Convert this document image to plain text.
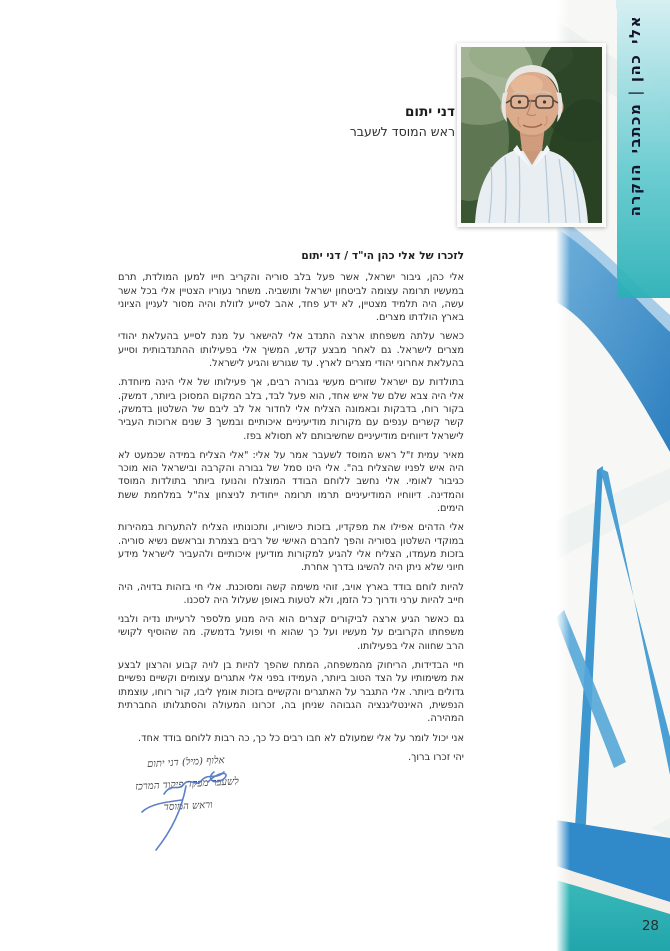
אלי כהן|מכתבי הוקרה
דני יתום
ראש המוסד לשעבר
לזכרו של אלי כהן הי"ד / דני יתום

אלי כהן, גיבור ישראל, אשר פעל בלב סוריה והקריב חייו למען המולדת, תרם במעשיו תרומה עצומה לביטחון ישראל ותושביה. משחר נעוריו הצטיין אלי בכל אשר עשה, היה תלמיד מצטיין, לא ידע פחד, אהב לסייע לזולת והיה מסור לעניין הציוני בארץ הולדתו מצרים.

כאשר עלתה משפחתו ארצה התנדב אלי להישאר על מנת לסייע בהעלאת יהודי מצרים לישראל. גם לאחר מבצע קדש, המשיך אלי בפעילותו ההתנדבותית וסייע בהעלאת אחרוני יהודי מצרים לארץ. עד שגורש והגיע לישראל.

בתולדות עם ישראל שזורים מעשי גבורה רבים, אך פעילותו של אלי הינה מיוחדת. אלי היה צבא שלם של איש אחד, הוא פעל לבד, בלב המקום המסוכן ביותר, דמשק. בקור רוח, בדבקות ובאמונה הצליח אלי לחדור אל לב ליבם של השלטון בדמשק, קשר קשרים ענפים עם מקורות מודיעיניים איכותיים ובמשך 3 שנים ארוכות העביר לישראל דיווחים מודיעיניים שחשיבותם לא תסולא בפז.

מאיר עמית ז"ל ראש המוסד לשעבר אמר על אלי: "אלי הצליח במידה שכמעט לא היה איש לפניו שהצליח בה". אלי הינו סמל של גבורה והקרבה ובישראל הוא מוכר כגיבור לאומי. אלי נחשב ללוחם הבודד המוצלח והנועז ביותר בתולדות המוסד והמדינה. דיווחיו המודיעיניים תרמו תרומה ייחודית לניצחון צה"ל במלחמת ששת הימים.

אלי הדהים אפילו את מפקדיו, בזכות כישוריו, ותכונותיו הצליח להתערות במהירות במוקדי השלטון בסוריה והפך לחברם האישי של רבים בצמרת ובראשם נשיא סוריה. בזכות מעמדו, הצליח אלי להגיע למקורות מודיעין איכותיים ולהעביר לישראל מידע חיוני שלא ניתן היה להשיגו בדרך אחרת.

להיות לוחם בודד בארץ אויב, זוהי משימה קשה ומסוכנת. אלי חי בזהות בדויה, היה חייב להיות ערני ודרוך כל הזמן, ולא לטעות באופן שעלול היה לסכנו.

גם כאשר הגיע ארצה לביקורים קצרים הוא היה מנוע מלספר לרעייתו נדיה ולבני משפחתו הקרובים על מעשיו ועל כך שהוא חי ופועל בדמשק. מה שהוסיף לקושי הרב שחווה אלי בפעילותו.

חיי הבדידות, הריחוק מהמשפחה, המתח שהפך להיות בן לויה קבוע והרצון לבצע את משימותיו על הצד הטוב ביותר, העמידו בפני אלי אתגרים עצומים וקשיים נפשיים גדולים ביותר. אלי התגבר על האתגרים והקשיים בזכות אומץ ליבו, קור רוחו, עוצמתו הנפשית, האינטליגנציה הגבוהה שניחן בה, זכרונו המעולה והסתגלותו החברתית המהירה.

אני יכול לומר על אלי שמעולם לא חבו רבים כל כך, כה רבות ללוחם בודד אחד.

יהי זכרו ברוך.

אלוף (מיל) דני יתום
לשעבר מפקד פיקוד המרכז
וראש המוסד
28
